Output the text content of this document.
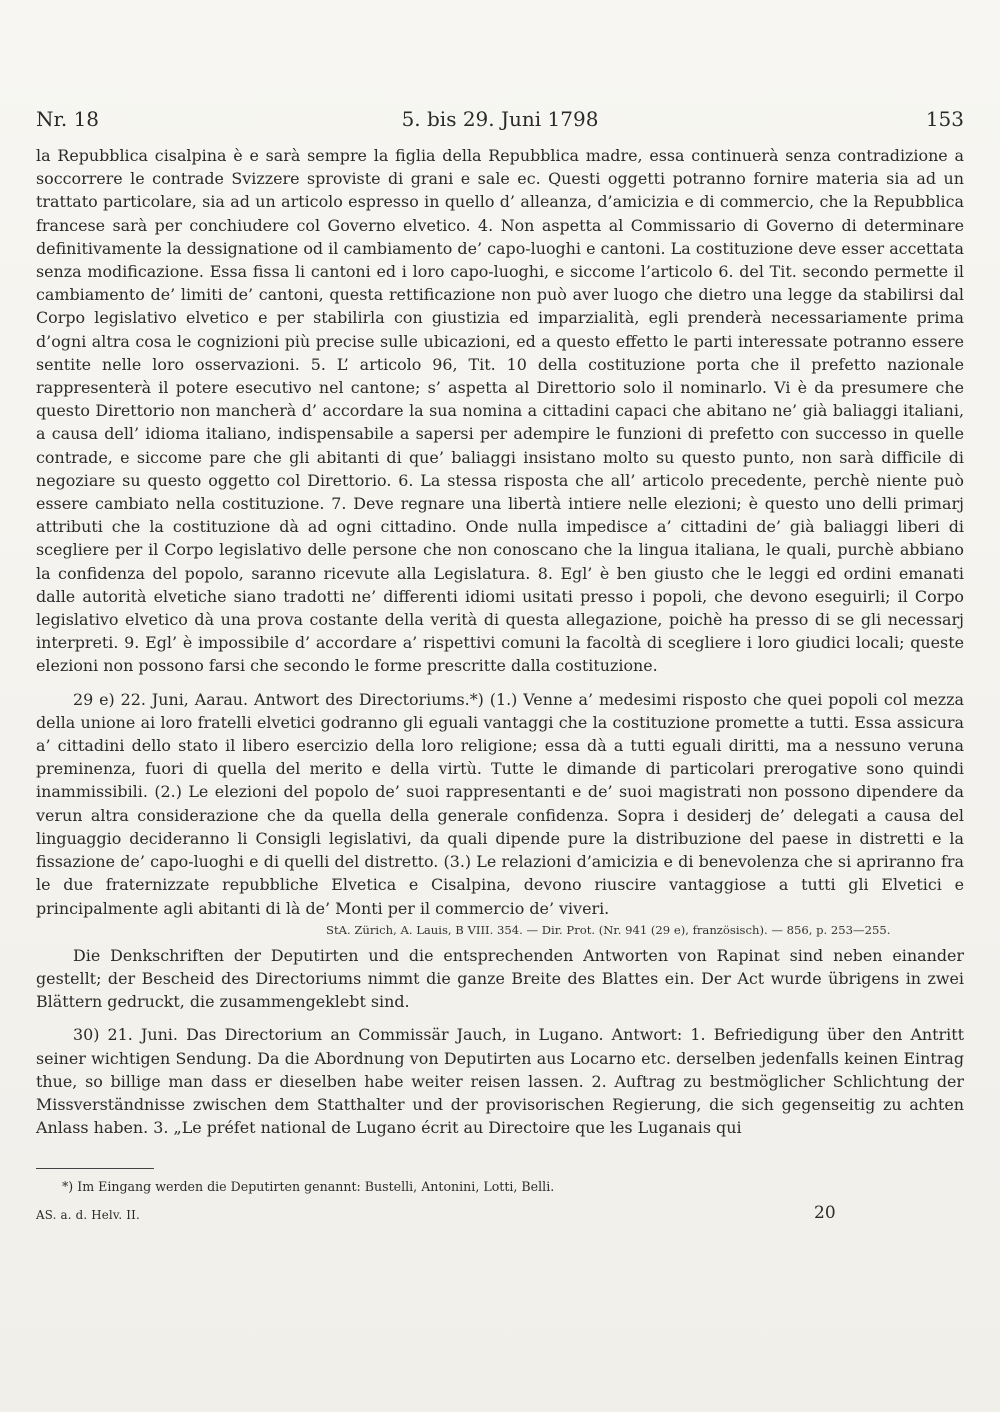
Nr. 18	5. bis 29. Juni 1798	153

la Repubblica cisalpina è e sarà sempre la figlia della Repubblica madre, essa continuerà senza contradizione a soccorrere le contrade Svizzere sproviste di grani e sale ec. Questi oggetti potranno fornire materia sia ad un trattato particolare, sia ad un articolo espresso in quello d’ alleanza, d’amicizia e di commercio, che la Repubblica francese sarà per conchiudere col Governo elvetico. 4. Non aspetta al Commissario di Governo di determinare definitivamente la dessignatione od il cambiamento de’ capo-luoghi e cantoni. La costituzione deve esser accettata senza modificazione. Essa fissa li cantoni ed i loro capo-luoghi, e siccome l’articolo 6. del Tit. secondo permette il cambiamento de’ limiti de’ cantoni, questa rettificazione non può aver luogo che dietro una legge da stabilirsi dal Corpo legislativo elvetico e per stabilirla con giustizia ed imparzialità, egli prenderà necessariamente prima d’ogni altra cosa le cognizioni più precise sulle ubicazioni, ed a questo effetto le parti interessate potranno essere sentite nelle loro osservazioni. 5. L’ articolo 96, Tit. 10 della costituzione porta che il prefetto nazionale rappresenterà il potere esecutivo nel cantone; s’ aspetta al Direttorio solo il nominarlo. Vi è da presumere che questo Direttorio non mancherà d’ accordare la sua nomina a cittadini capaci che abitano ne’ già baliaggi italiani, a causa dell’ idioma italiano, indispensabile a sapersi per adempire le funzioni di prefetto con successo in quelle contrade, e siccome pare che gli abitanti di que’ baliaggi insistano molto su questo punto, non sarà difficile di negoziare su questo oggetto col Direttorio. 6. La stessa risposta che all’ articolo precedente, perchè niente può essere cambiato nella costituzione. 7. Deve regnare una libertà intiere nelle elezioni; è questo uno delli primarj attributi che la costituzione dà ad ogni cittadino. Onde nulla impedisce a’ cittadini de’ già baliaggi liberi di scegliere per il Corpo legislativo delle persone che non conoscano che la lingua italiana, le quali, purchè abbiano la confidenza del popolo, saranno ricevute alla Legislatura. 8. Egl’ è ben giusto che le leggi ed ordini emanati dalle autorità elvetiche siano tradotti ne’ differenti idiomi usitati presso i popoli, che devono eseguirli; il Corpo legislativo elvetico dà una prova costante della verità di questa allegazione, poichè ha presso di se gli necessarj interpreti. 9. Egl’ è impossibile d’ accordare a’ rispettivi comuni la facoltà di scegliere i loro giudici locali; queste elezioni non possono farsi che secondo le forme prescritte dalla costituzione.

29 e) 22. Juni, Aarau. Antwort des Directoriums.*) (1.) Venne a’ medesimi risposto che quei popoli col mezza della unione ai loro fratelli elvetici godranno gli eguali vantaggi che la costituzione promette a tutti. Essa assicura a’ cittadini dello stato il libero esercizio della loro religione; essa dà a tutti eguali diritti, ma a nessuno veruna preminenza, fuori di quella del merito e della virtù. Tutte le dimande di particolari prerogative sono quindi inammissibili. (2.) Le elezioni del popolo de’ suoi rappresentanti e de’ suoi magistrati non possono dipendere da verun altra considerazione che da quella della generale confidenza. Sopra i desiderj de’ delegati a causa del linguaggio decideranno li Consigli legislativi, da quali dipende pure la distribuzione del paese in distretti e la fissazione de’ capo-luoghi e di quelli del distretto. (3.) Le relazioni d’amicizia e di benevolenza che si apriranno fra le due fraternizzate repubbliche Elvetica e Cisalpina, devono riuscire vantaggiose a tutti gli Elvetici e principalmente agli abitanti di là de’ Monti per il commercio de’ viveri.

StA. Zürich, A. Lauis, B VIII. 354. — Dir. Prot. (Nr. 941 (29 e), französisch). — 856, p. 253—255.

Die Denkschriften der Deputirten und die entsprechenden Antworten von Rapinat sind neben einander gestellt; der Bescheid des Directoriums nimmt die ganze Breite des Blattes ein. Der Act wurde übrigens in zwei Blättern gedruckt, die zusammengeklebt sind.

30) 21. Juni. Das Directorium an Commissär Jauch, in Lugano. Antwort: 1. Befriedigung über den Antritt seiner wichtigen Sendung. Da die Abordnung von Deputirten aus Locarno etc. derselben jedenfalls keinen Eintrag thue, so billige man dass er dieselben habe weiter reisen lassen. 2. Auftrag zu bestmöglicher Schlichtung der Missverständnisse zwischen dem Statthalter und der provisorischen Regierung, die sich gegenseitig zu achten Anlass haben. 3. „Le préfet national de Lugano écrit au Directoire que les Luganais qui

*) Im Eingang werden die Deputirten genannt: Bustelli, Antonini, Lotti, Belli.
AS. a. d. Helv. II.	20
